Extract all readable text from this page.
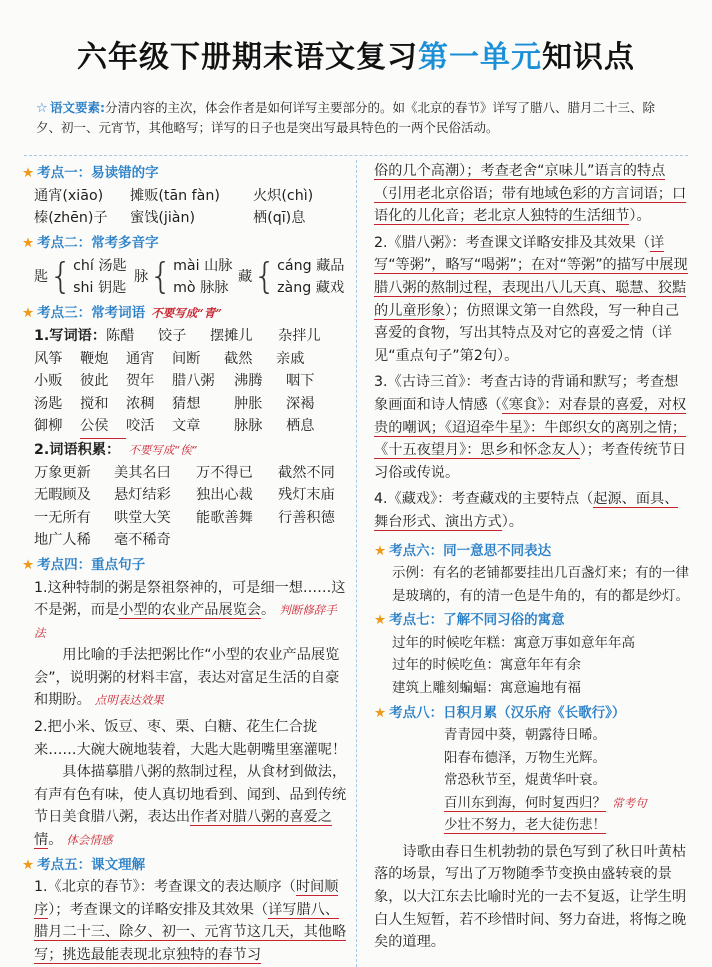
六年级下册期末语文复习第一单元知识点
☆ 语文要素:分清内容的主次，体会作者是如何详写主要部分的。如《北京的春节》详写了腊八、腊月二十三、除夕、初一、元宵节，其他略写；详写的日子也是突出写最具特色的一两个民俗活动。
★ 考点一：易读错的字
通宵(xiāo)	摊贩(tān fàn)	火炽(chì)
榛(zhēn)子	蜜饯(jiàn)	栖(qī)息
★ 考点二：常考多音字
匙 { chí 汤匙
shi 钥匙
脉 { mài 山脉
mò 脉脉
藏 { cáng 藏品
zàng 藏戏
★ 考点三：常考词语 不要写成“青”
1.写词语：陈醋 饺子 摆摊儿 杂拌儿
风筝 鞭炮 通宵 间断 截然 亲戚
小贩 彼此 贺年 腊八粥 沸腾 咽下
汤匙 搅和 浓稠 猜想 肿胀 深褐
御柳 公侯 咬活 文章 脉脉 栖息
2.词语积累： 不要写成“俟”
万象更新 美其名曰 万不得已 截然不同
无暇顾及 悬灯结彩 独出心裁 残灯末庙
一无所有 哄堂大笑 能歌善舞 行善积德
地广人稀 毫不稀奇
★ 考点四：重点句子

1.这种特制的粥是祭祖祭神的，可是细一想……这不是粥，而是小型的农业产品展览会。 判断修辞手法

用比喻的手法把粥比作“小型的农业产品展览会”，说明粥的材料丰富，表达对富足生活的自豪和期盼。 点明表达效果

2.把小米、饭豆、枣、栗、白糖、花生仁合拢来……大碗大碗地装着，大匙大匙朝嘴里塞灌呢！

具体描摹腊八粥的熬制过程，从食材到做法，有声有色有味，使人真切地看到、闻到、品到传统节日美食腊八粥，表达出作者对腊八粥的喜爱之情。 体会情感

★ 考点五：课文理解

1.《北京的春节》：考查课文的表达顺序（时间顺序）；考查课文的详略安排及其效果（详写腊八、腊月二十三、除夕、初一、元宵节这几天，其他略写；挑选最能表现北京独特的春节习

俗的几个高潮）；考查老舍“京味儿”语言的特点（引用老北京俗语；带有地域色彩的方言词语；口语化的儿化音；老北京人独特的生活细节）。

2.《腊八粥》：考查课文详略安排及其效果（详写“等粥”，略写“喝粥”；在对“等粥”的描写中展现腊八粥的熬制过程，表现出八儿天真、聪慧、狡黠的儿童形象）；仿照课文第一自然段，写一种自己喜爱的食物，写出其特点及对它的喜爱之情（详见“重点句子”第2句）。

3.《古诗三首》：考查古诗的背诵和默写；考查想象画面和诗人情感（《寒食》：对春景的喜爱，对权贵的嘲讽；《迢迢牵牛星》：牛郎织女的离别之情；《十五夜望月》：思乡和怀念友人）；考查传统节日习俗或传说。

4.《藏戏》：考查藏戏的主要特点（起源、面具、舞台形式、演出方式）。

★ 考点六：同一意思不同表达

示例：有名的老铺都要挂出几百盏灯来；有的一律是玻璃的，有的清一色是牛角的，有的都是纱灯。

★ 考点七：了解不同习俗的寓意
过年的时候吃年糕：寓意万事如意年年高
过年的时候吃鱼：寓意年年有余
建筑上雕刻蝙蝠：寓意遍地有福
★ 考点八：日积月累（汉乐府《长歌行》）
青青园中葵，朝露待日晞。
阳春布德泽，万物生光辉。
常恐秋节至，焜黄华叶衰。
百川东到海，何时复西归？ 常考句
少壮不努力，老大徒伤悲！

诗歌由春日生机勃勃的景色写到了秋日叶黄枯落的场景，写出了万物随季节变换由盛转衰的景象，以大江东去比喻时光的一去不复返，让学生明白人生短暂，若不珍惜时间、努力奋进，将悔之晚矣的道理。
